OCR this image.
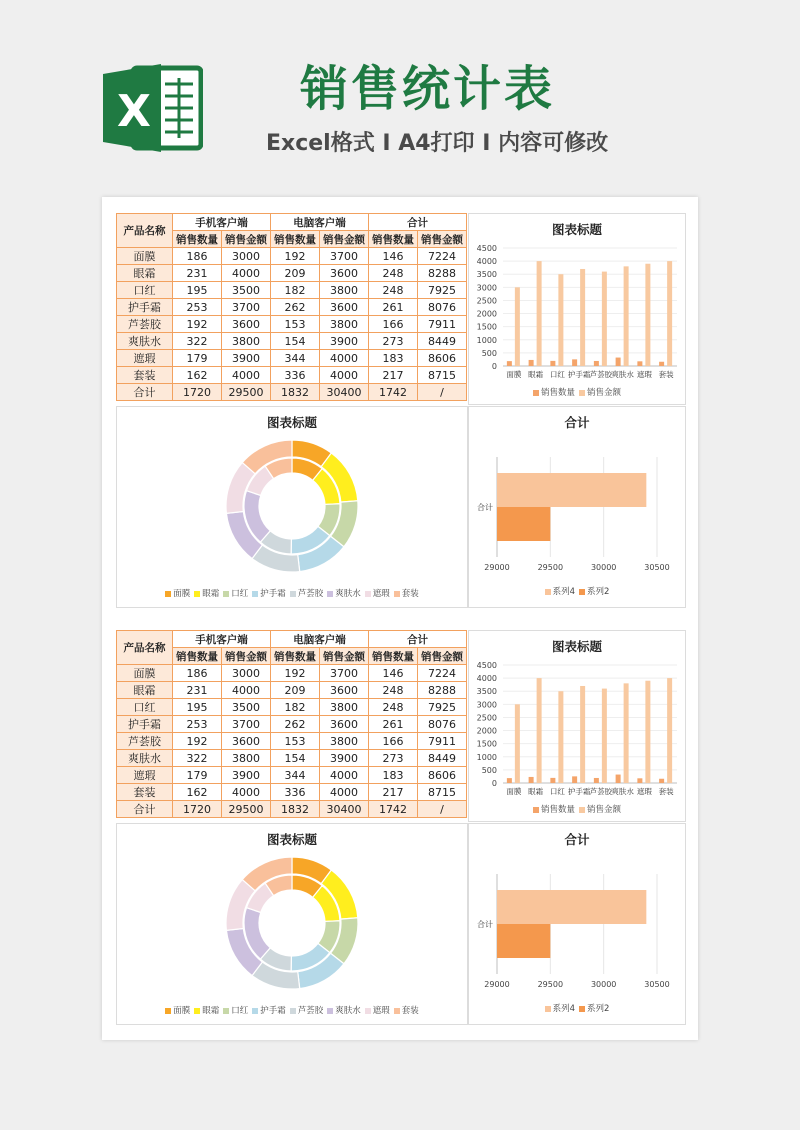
X	销售统计表
Excel格式 I A4打印 I 内容可修改
产品名称	手机客户端		电脑客户端		合计	
	销售数量	销售金额	销售数量	销售金额	销售数量	销售金额
面膜	186	3000	192	3700	146	7224
眼霜	231	4000	209	3600	248	8288
口红	195	3500	182	3800	248	7925
护手霜	253	3700	262	3600	261	8076
芦荟胶	192	3600	153	3800	166	7911
爽肤水	322	3800	154	3900	273	8449
遮瑕	179	3900	344	4000	183	8606
套装	162	4000	336	4000	217	8715
合计	1720	29500	1832	30400	1742	/
图表标题
0
500
1000
1500
2000
2500
3000
3500
4000
4500
面膜 眼霜 口红 护手霜 芦荟胶 爽肤水 遮瑕 套装
销售数量 销售金额
图表标题
面膜 眼霜 口红 护手霜 芦荟胶 爽肤水 遮瑕 套装
合计
29000	29500	30000	30500
合计
系列4 系列2
产品名称	手机客户端		电脑客户端		合计	
	销售数量	销售金额	销售数量	销售金额	销售数量	销售金额
面膜	186	3000	192	3700	146	7224
眼霜	231	4000	209	3600	248	8288
口红	195	3500	182	3800	248	7925
护手霜	253	3700	262	3600	261	8076
芦荟胶	192	3600	153	3800	166	7911
爽肤水	322	3800	154	3900	273	8449
遮瑕	179	3900	344	4000	183	8606
套装	162	4000	336	4000	217	8715
合计	1720	29500	1832	30400	1742	/
图表标题
0
500
1000
1500
2000
2500
3000
3500
4000
4500
面膜 眼霜 口红 护手霜 芦荟胶 爽肤水 遮瑕 套装
销售数量 销售金额
图表标题
面膜 眼霜 口红 护手霜 芦荟胶 爽肤水 遮瑕 套装
合计
29000	29500	30000	30500
合计
系列4 系列2
